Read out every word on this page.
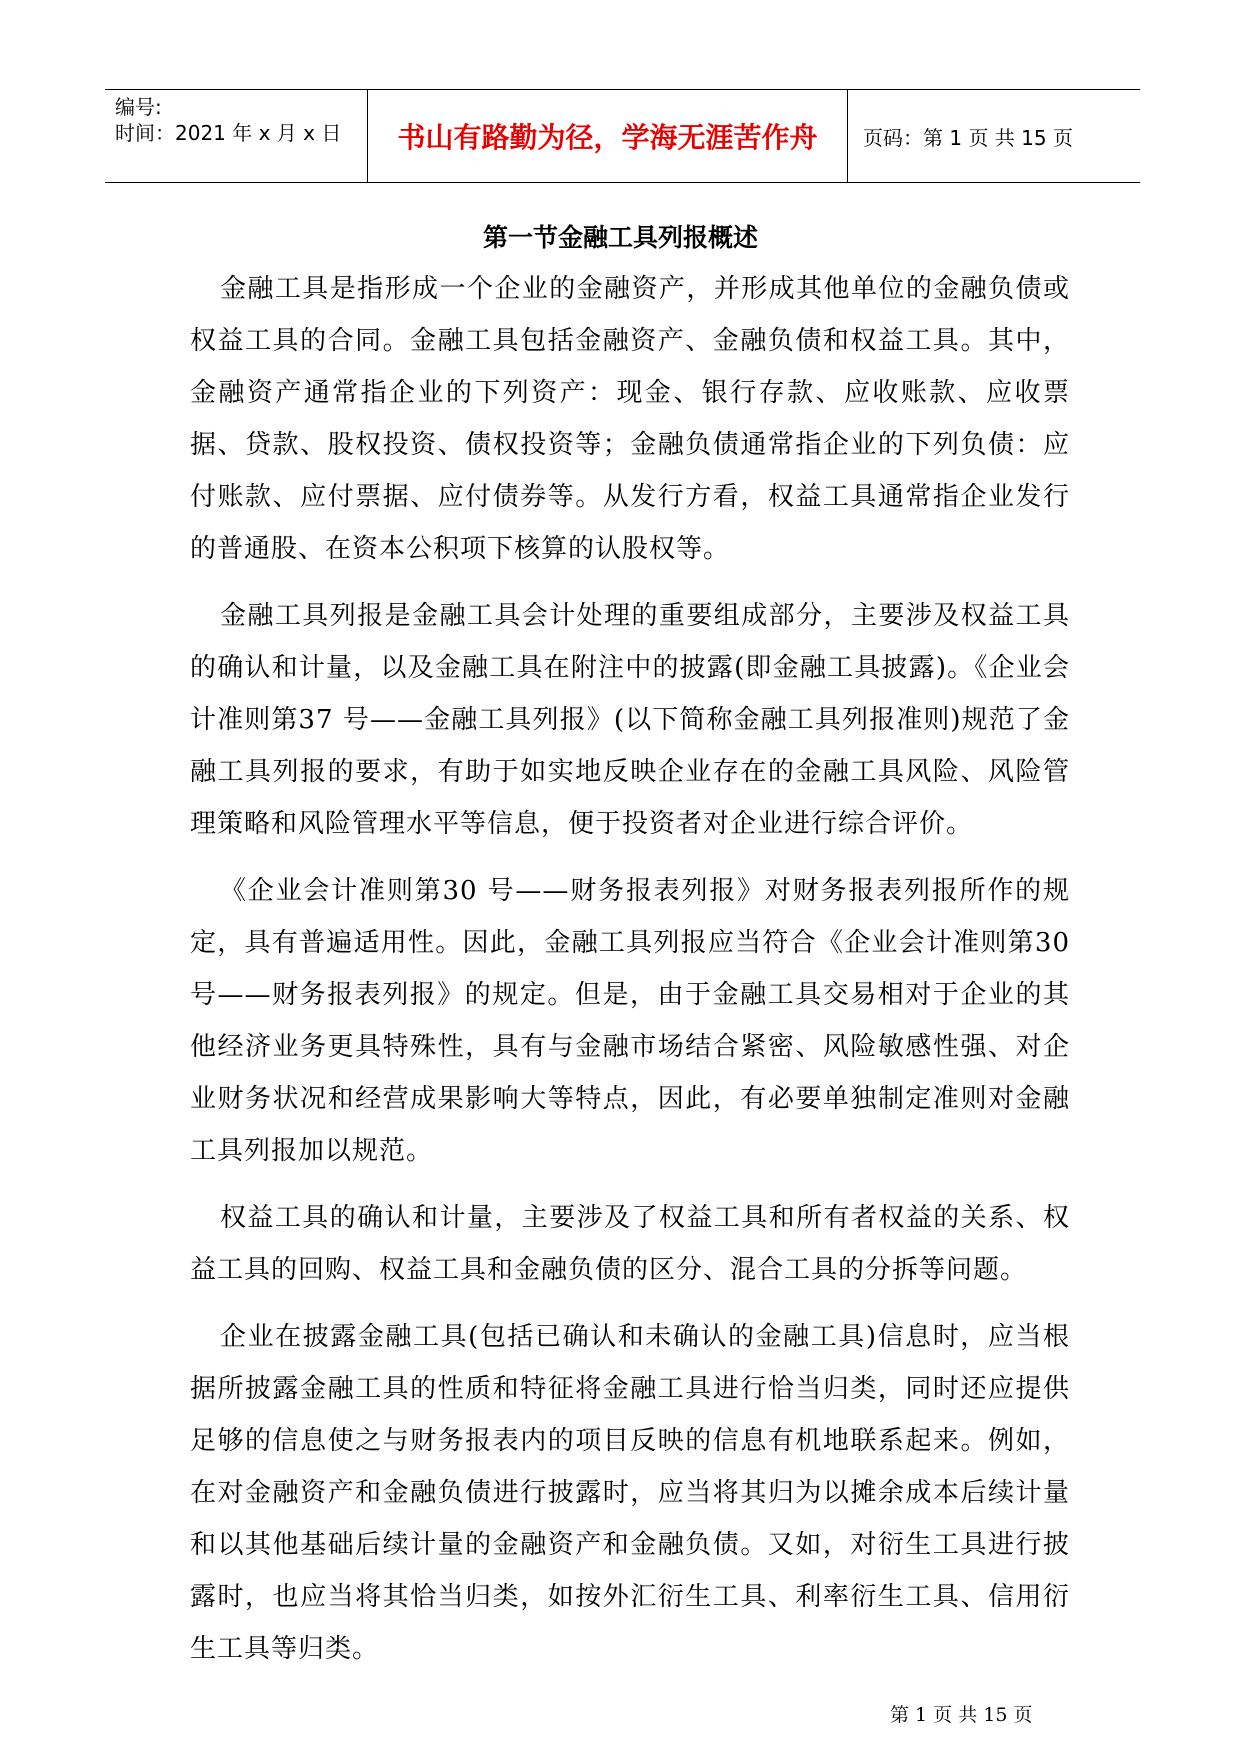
编号:
时间：2021 年 x 月 x 日	书山有路勤为径，学海无涯苦作舟	页码：第 1 页 共 15 页
第一节金融工具列报概述

金融工具是指形成一个企业的金融资产，并形成其他单位的金融负债或权益工具的合同。金融工具包括金融资产、金融负债和权益工具。其中，金融资产通常指企业的下列资产：现金、银行存款、应收账款、应收票据、贷款、股权投资、债权投资等；金融负债通常指企业的下列负债：应付账款、应付票据、应付债券等。从发行方看，权益工具通常指企业发行的普通股、在资本公积项下核算的认股权等。

金融工具列报是金融工具会计处理的重要组成部分，主要涉及权益工具的确认和计量，以及金融工具在附注中的披露(即金融工具披露)。《企业会计准则第37 号——金融工具列报》(以下简称金融工具列报准则)规范了金融工具列报的要求，有助于如实地反映企业存在的金融工具风险、风险管理策略和风险管理水平等信息，便于投资者对企业进行综合评价。

《企业会计准则第30 号——财务报表列报》对财务报表列报所作的规定，具有普遍适用性。因此，金融工具列报应当符合《企业会计准则第30 号——财务报表列报》的规定。但是，由于金融工具交易相对于企业的其他经济业务更具特殊性，具有与金融市场结合紧密、风险敏感性强、对企业财务状况和经营成果影响大等特点，因此，有必要单独制定准则对金融工具列报加以规范。

权益工具的确认和计量，主要涉及了权益工具和所有者权益的关系、权益工具的回购、权益工具和金融负债的区分、混合工具的分拆等问题。

企业在披露金融工具(包括已确认和未确认的金融工具)信息时，应当根据所披露金融工具的性质和特征将金融工具进行恰当归类，同时还应提供足够的信息使之与财务报表内的项目反映的信息有机地联系起来。例如，在对金融资产和金融负债进行披露时，应当将其归为以摊余成本后续计量和以其他基础后续计量的金融资产和金融负债。又如，对衍生工具进行披露时，也应当将其恰当归类，如按外汇衍生工具、利率衍生工具、信用衍生工具等归类。

第 1 页 共 15 页
